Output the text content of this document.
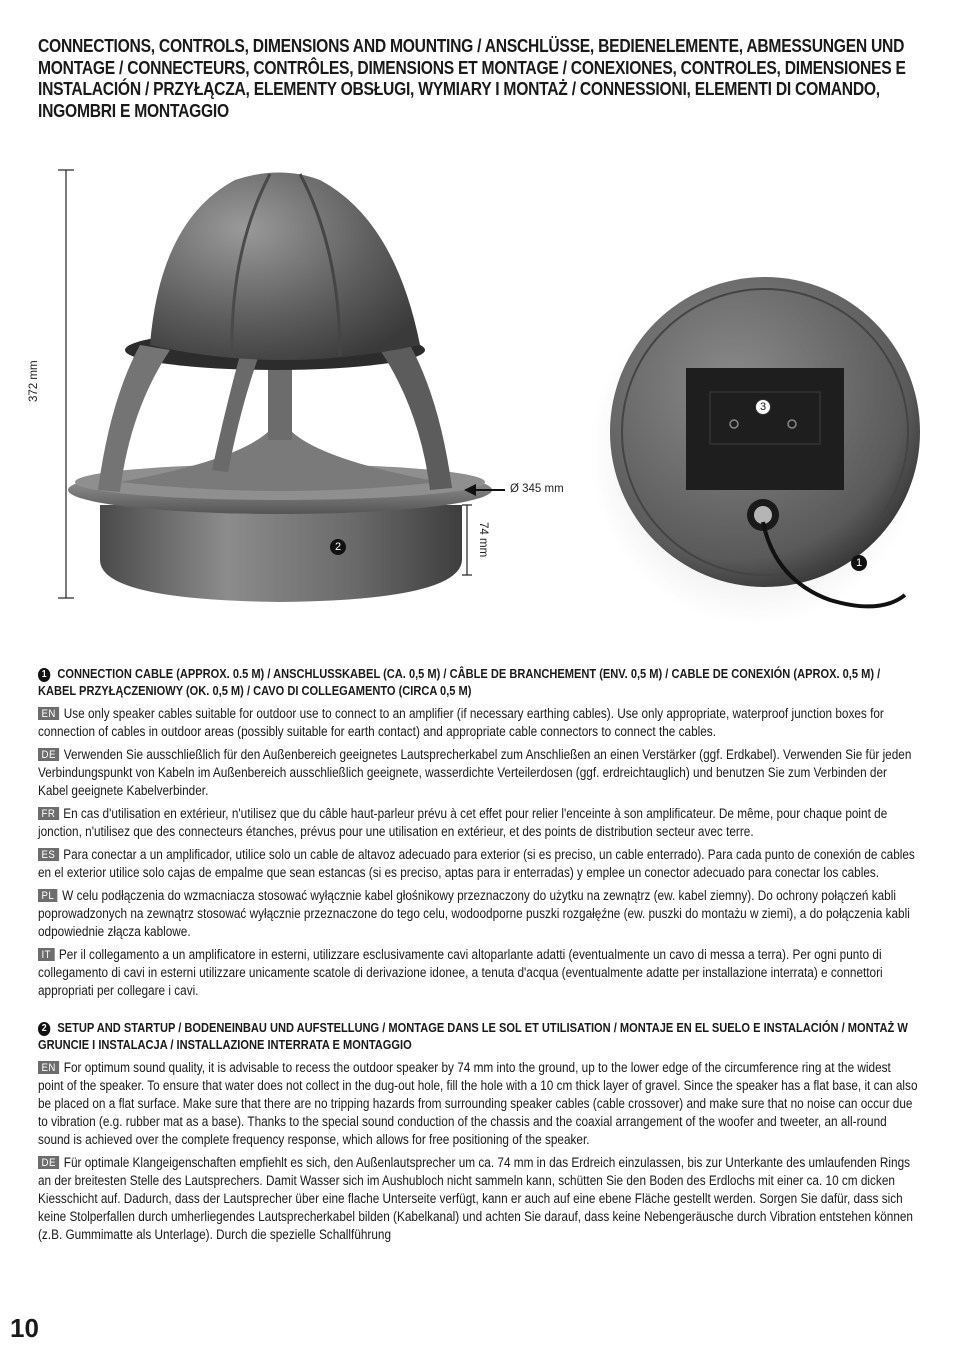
CONNECTIONS, CONTROLS, DIMENSIONS AND MOUNTING / ANSCHLÜSSE, BEDIENELEMENTE, ABMESSUNGEN UND MONTAGE / CONNECTEURS, CONTRÔLES, DIMENSIONS ET MONTAGE / CONEXIONES, CONTROLES, DIMENSIONES E INSTALACIÓN / PRZYŁĄCZA, ELEMENTY OBSŁUGI, WYMIARY I MONTAŻ / CONNESSIONI, ELEMENTI DI COMANDO, INGOMBRI E MONTAGGIO
372 mm
Ø 345 mm
74 mm
2
3
1
1 CONNECTION CABLE (APPROX. 0.5 M) / ANSCHLUSSKABEL (CA. 0,5 M) / CÂBLE DE BRANCHEMENT (ENV. 0,5 M) / CABLE DE CONEXIÓN (APROX. 0,5 M) / KABEL PRZYŁĄCZENIOWY (OK. 0,5 M) / CAVO DI COLLEGAMENTO (CIRCA 0,5 M)
EN Use only speaker cables suitable for outdoor use to connect to an amplifier (if necessary earthing cables). Use only appropriate, waterproof junction boxes for connection of cables in outdoor areas (possibly suitable for earth contact) and appropriate cable connectors to connect the cables.
DE Verwenden Sie ausschließlich für den Außenbereich geeignetes Lautsprecherkabel zum Anschließen an einen Verstärker (ggf. Erdkabel). Verwenden Sie für jeden Verbindungspunkt von Kabeln im Außenbereich ausschließlich geeignete, wasserdichte Verteilerdosen (ggf. erdreichtauglich) und benutzen Sie zum Verbinden der Kabel geeignete Kabelverbinder.
FR En cas d'utilisation en extérieur, n'utilisez que du câble haut-parleur prévu à cet effet pour relier l'enceinte à son amplificateur. De même, pour chaque point de jonction, n'utilisez que des connecteurs étanches, prévus pour une utilisation en extérieur, et des points de distribution secteur avec terre.
ES Para conectar a un amplificador, utilice solo un cable de altavoz adecuado para exterior (si es preciso, un cable enterrado). Para cada punto de conexión de cables en el exterior utilice solo cajas de empalme que sean estancas (si es preciso, aptas para ir enterradas) y emplee un conector adecuado para conectar los cables.
PL W celu podłączenia do wzmacniacza stosować wyłącznie kabel głośnikowy przeznaczony do użytku na zewnątrz (ew. kabel ziemny). Do ochrony połączeń kabli poprowadzonych na zewnątrz stosować wyłącznie przeznaczone do tego celu, wodoodporne puszki rozgałęźne (ew. puszki do montażu w ziemi), a do połączenia kabli odpowiednie złącza kablowe.
IT Per il collegamento a un amplificatore in esterni, utilizzare esclusivamente cavi altoparlante adatti (eventualmente un cavo di messa a terra). Per ogni punto di collegamento di cavi in esterni utilizzare unicamente scatole di derivazione idonee, a tenuta d'acqua (eventualmente adatte per installazione interrata) e connettori appropriati per collegare i cavi.
2 SETUP AND STARTUP / BODENEINBAU UND AUFSTELLUNG / MONTAGE DANS LE SOL ET UTILISATION / MONTAJE EN EL SUELO E INSTALACIÓN / MONTAŻ W GRUNCIE I INSTALACJA / INSTALLAZIONE INTERRATA E MONTAGGIO
EN For optimum sound quality, it is advisable to recess the outdoor speaker by 74 mm into the ground, up to the lower edge of the circumference ring at the widest point of the speaker. To ensure that water does not collect in the dug-out hole, fill the hole with a 10 cm thick layer of gravel. Since the speaker has a flat base, it can also be placed on a flat surface. Make sure that there are no tripping hazards from surrounding speaker cables (cable crossover) and make sure that no noise can occur due to vibration (e.g. rubber mat as a base). Thanks to the special sound conduction of the chassis and the coaxial arrangement of the woofer and tweeter, an all-round sound is achieved over the complete frequency response, which allows for free positioning of the speaker.
DE Für optimale Klangeigenschaften empfiehlt es sich, den Außenlautsprecher um ca. 74 mm in das Erdreich einzulassen, bis zur Unterkante des umlaufenden Rings an der breitesten Stelle des Lautsprechers. Damit Wasser sich im Aushubloch nicht sammeln kann, schütten Sie den Boden des Erdlochs mit einer ca. 10 cm dicken Kiesschicht auf. Dadurch, dass der Lautsprecher über eine flache Unterseite verfügt, kann er auch auf eine ebene Fläche gestellt werden. Sorgen Sie dafür, dass sich keine Stolperfallen durch umherliegendes Lautsprecherkabel bilden (Kabelkanal) und achten Sie darauf, dass keine Nebengeräusche durch Vibration entstehen können (z.B. Gummimatte als Unterlage). Durch die spezielle Schallführung
10
